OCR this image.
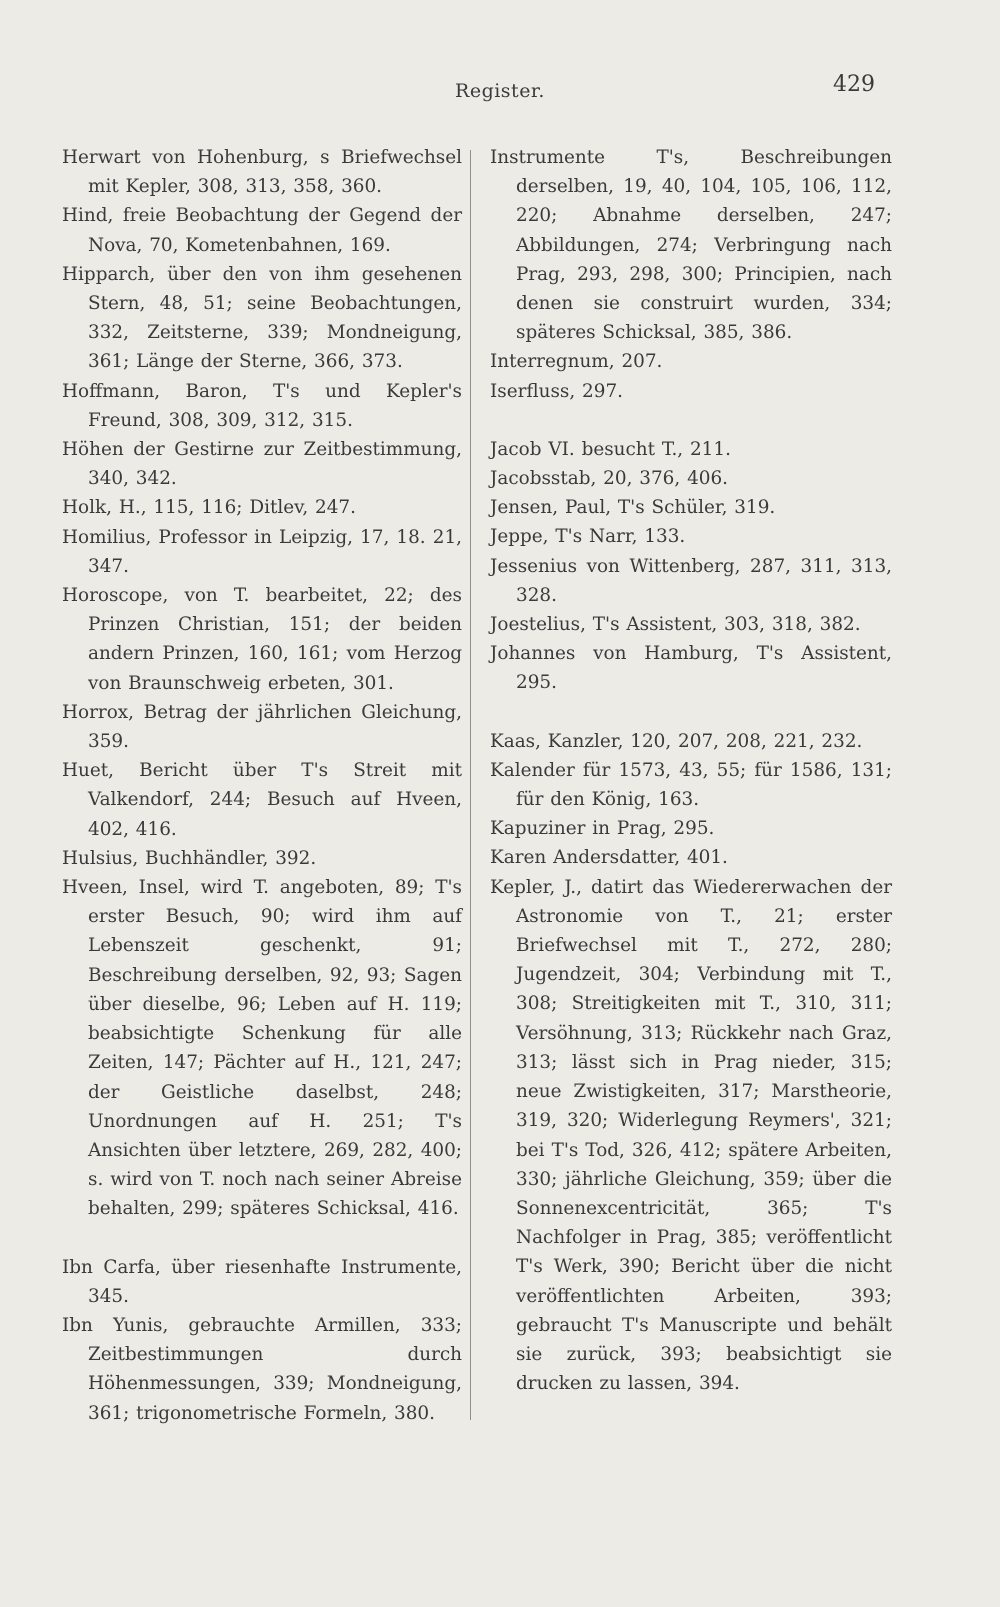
Register.	429
Herwart von Hohenburg, s Briefwechsel mit Kepler, 308, 313, 358, 360.
Hind, freie Beobachtung der Gegend der Nova, 70, Kometenbahnen, 169.
Hipparch, über den von ihm gesehenen Stern, 48, 51; seine Beobachtungen, 332, Zeitsterne, 339; Mondneigung, 361; Länge der Sterne, 366, 373.
Hoffmann, Baron, T's und Kepler's Freund, 308, 309, 312, 315.
Höhen der Gestirne zur Zeitbestimmung, 340, 342.
Holk, H., 115, 116; Ditlev, 247.
Homilius, Professor in Leipzig, 17, 18. 21, 347.
Horoscope, von T. bearbeitet, 22; des Prinzen Christian, 151; der beiden andern Prinzen, 160, 161; vom Herzog von Braunschweig erbeten, 301.
Horrox, Betrag der jährlichen Gleichung, 359.
Huet, Bericht über T's Streit mit Valkendorf, 244; Besuch auf Hveen, 402, 416.
Hulsius, Buchhändler, 392.
Hveen, Insel, wird T. angeboten, 89; T's erster Besuch, 90; wird ihm auf Lebenszeit geschenkt, 91; Beschreibung derselben, 92, 93; Sagen über dieselbe, 96; Leben auf H. 119; beabsichtigte Schenkung für alle Zeiten, 147; Pächter auf H., 121, 247; der Geistliche daselbst, 248; Unordnungen auf H. 251; T's Ansichten über letztere, 269, 282, 400; s. wird von T. noch nach seiner Abreise behalten, 299; späteres Schicksal, 416.
Ibn Carfa, über riesenhafte Instrumente, 345.
Ibn Yunis, gebrauchte Armillen, 333; Zeitbestimmungen durch Höhenmessungen, 339; Mondneigung, 361; trigonometrische Formeln, 380.
Instrumente T's, Beschreibungen derselben, 19, 40, 104, 105, 106, 112, 220; Abnahme derselben, 247; Abbildungen, 274; Verbringung nach Prag, 293, 298, 300; Principien, nach denen sie construirt wurden, 334; späteres Schicksal, 385, 386.
Interregnum, 207.
Iserfluss, 297.
Jacob VI. besucht T., 211.
Jacobsstab, 20, 376, 406.
Jensen, Paul, T's Schüler, 319.
Jeppe, T's Narr, 133.
Jessenius von Wittenberg, 287, 311, 313, 328.
Joestelius, T's Assistent, 303, 318, 382.
Johannes von Hamburg, T's Assistent, 295.
Kaas, Kanzler, 120, 207, 208, 221, 232.
Kalender für 1573, 43, 55; für 1586, 131; für den König, 163.
Kapuziner in Prag, 295.
Karen Andersdatter, 401.
Kepler, J., datirt das Wiedererwachen der Astronomie von T., 21; erster Briefwechsel mit T., 272, 280; Jugendzeit, 304; Verbindung mit T., 308; Streitigkeiten mit T., 310, 311; Versöhnung, 313; Rückkehr nach Graz, 313; lässt sich in Prag nieder, 315; neue Zwistigkeiten, 317; Marstheorie, 319, 320; Widerlegung Reymers', 321; bei T's Tod, 326, 412; spätere Arbeiten, 330; jährliche Gleichung, 359; über die Sonnenexcentricität, 365; T's Nachfolger in Prag, 385; veröffentlicht T's Werk, 390; Bericht über die nicht veröffentlichten Arbeiten, 393; gebraucht T's Manuscripte und behält sie zurück, 393; beabsichtigt sie drucken zu lassen, 394.
